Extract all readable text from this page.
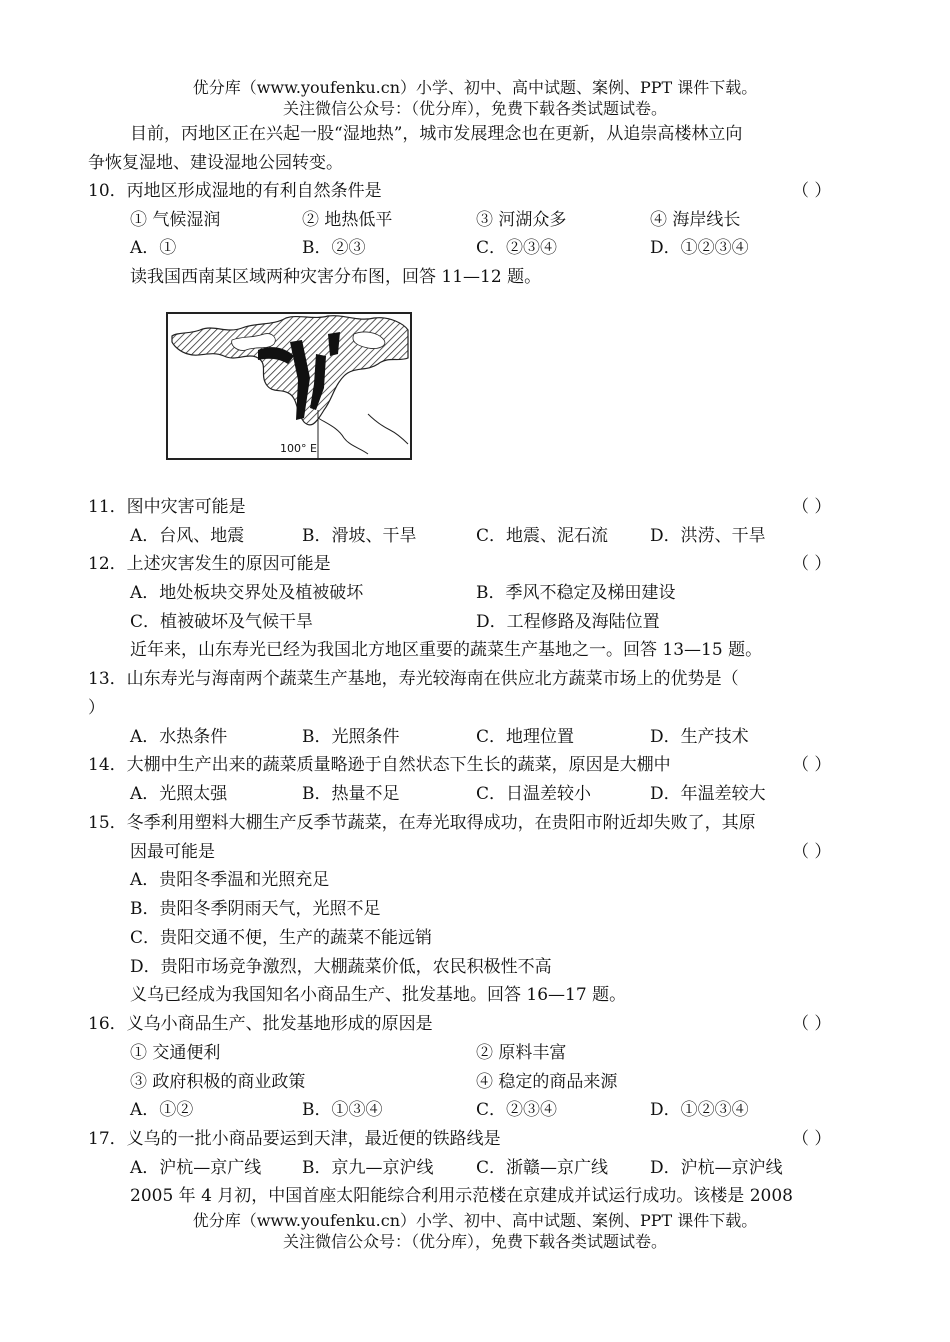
优分库（www.youfenku.cn）小学、初中、高中试题、案例、PPT 课件下载。
关注微信公众号：（优分库），免费下载各类试题试卷。
目前，丙地区正在兴起一股“湿地热”，城市发展理念也在更新，从追崇高楼林立向
争恢复湿地、建设湿地公园转变。
10．丙地区形成湿地的有利自然条件是	（ ）
① 气候湿润	② 地热低平	③ 河湖众多	④ 海岸线长
A．①	B．②③	C．②③④	D．①②③④
读我国西南某区域两种灾害分布图，回答 11—12 题。
100° E
11．图中灾害可能是	（ ）
A．台风、地震	B．滑坡、干旱	C．地震、泥石流 D．洪涝、干旱
12．上述灾害发生的原因可能是	（ ）
A．地处板块交界处及植被破坏	B．季风不稳定及梯田建设
C．植被破坏及气候干旱	D．工程修路及海陆位置
近年来，山东寿光已经为我国北方地区重要的蔬菜生产基地之一。回答 13—15 题。
13．山东寿光与海南两个蔬菜生产基地，寿光较海南在供应北方蔬菜市场上的优势是（
）
A．水热条件	B．光照条件	C．地理位置	D．生产技术
14．大棚中生产出来的蔬菜质量略逊于自然状态下生长的蔬菜，原因是大棚中	（ ）
A．光照太强	B．热量不足	C．日温差较小	D．年温差较大
15．冬季利用塑料大棚生产反季节蔬菜，在寿光取得成功，在贵阳市附近却失败了，其原
因最可能是	（ ）
A．贵阳冬季温和光照充足
B．贵阳冬季阴雨天气，光照不足
C．贵阳交通不便，生产的蔬菜不能远销
D．贵阳市场竞争激烈，大棚蔬菜价低，农民积极性不高
义乌已经成为我国知名小商品生产、批发基地。回答 16—17 题。
16．义乌小商品生产、批发基地形成的原因是	（ ）
① 交通便利	② 原料丰富
③ 政府积极的商业政策	④ 稳定的商品来源
A．①②	B．①③④	C．②③④	D．①②③④
17．义乌的一批小商品要运到天津，最近便的铁路线是	（ ）
A．沪杭—京广线 B．京九—京沪线	C．浙赣—京广线 D．沪杭—京沪线
2005 年 4 月初，中国首座太阳能综合利用示范楼在京建成并试运行成功。该楼是 2008
优分库（www.youfenku.cn）小学、初中、高中试题、案例、PPT 课件下载。
关注微信公众号：（优分库），免费下载各类试题试卷。
